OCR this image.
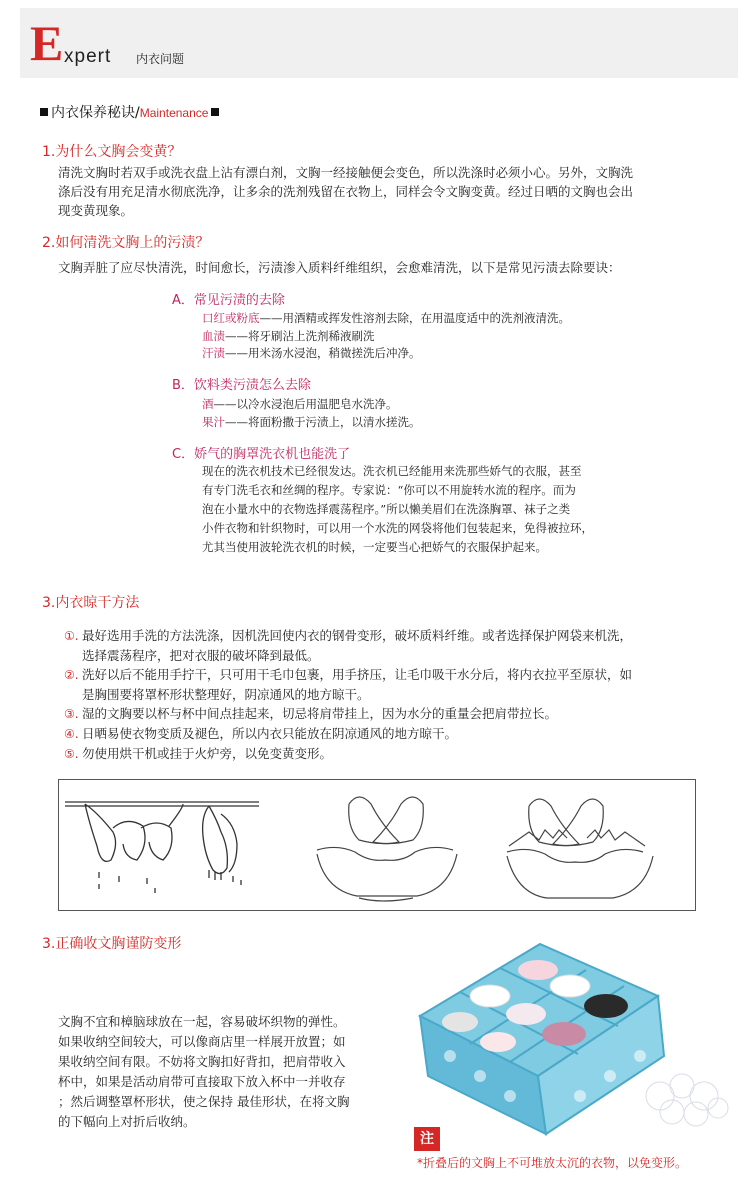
E xpert 内衣问题
内衣保养秘诀/Maintenance
1.为什么文胸会变黄？
清洗文胸时若双手或洗衣盘上沾有漂白剂，文胸一经接触便会变色，所以洗涤时必须小心。另外，文胸洗
涤后没有用充足清水彻底洗净，让多余的洗剂残留在衣物上，同样会令文胸变黄。经过日晒的文胸也会出
现变黄现象。
2.如何清洗文胸上的污渍？
文胸弄脏了应尽快清洗，时间愈长，污渍渗入质料纤维组织，会愈难清洗，以下是常见污渍去除要诀：
A．常见污渍的去除
口红或粉底——用酒精或挥发性溶剂去除，在用温度适中的洗剂液清洗。
血渍——将牙刷沾上洗剂稀液刷洗
汗渍——用米汤水浸泡，稍微搓洗后冲净。
B．饮料类污渍怎么去除
酒——以冷水浸泡后用温肥皂水洗净。
果汁——将面粉撒于污渍上，以清水搓洗。
C．娇气的胸罩洗衣机也能洗了
现在的洗衣机技术已经很发达。洗衣机已经能用来洗那些娇气的衣服，甚至
有专门洗毛衣和丝绸的程序。专家说：“你可以不用旋转水流的程序。而为
泡在小量水中的衣物选择震荡程序。”所以懒美眉们在洗涤胸罩、袜子之类
小件衣物和针织物时，可以用一个水洗的网袋将他们包装起来，免得被拉环，
尤其当使用波轮洗衣机的时候，一定要当心把娇气的衣服保护起来。
3.内衣晾干方法
①. 最好选用手洗的方法洗涤，因机洗回使内衣的钢骨变形，破坏质料纤维。或者选择保护网袋来机洗，
选择震荡程序，把对衣服的破坏降到最低。
②. 洗好以后不能用手拧干，只可用干毛巾包裹，用手挤压，让毛巾吸干水分后，将内衣拉平至原状，如
是胸围要将罩杯形状整理好，阴凉通风的地方晾干。
③. 湿的文胸要以杯与杯中间点挂起来，切忌将肩带挂上，因为水分的重量会把肩带拉长。
④. 日晒易使衣物变质及褪色，所以内衣只能放在阴凉通风的地方晾干。
⑤. 勿使用烘干机或挂于火炉旁，以免变黄变形。
3.正确收文胸谨防变形
文胸不宜和樟脑球放在一起，容易破坏织物的弹性。
如果收纳空间较大，可以像商店里一样展开放置；如
果收纳空间有限。不妨将文胸扣好背扣，把肩带收入
杯中，如果是活动肩带可直接取下放入杯中一并收存
；然后调整罩杯形状，使之保持 最佳形状，在将文胸
的下幅向上对折后收纳。
注
*折叠后的文胸上不可堆放太沉的衣物，以免变形。
